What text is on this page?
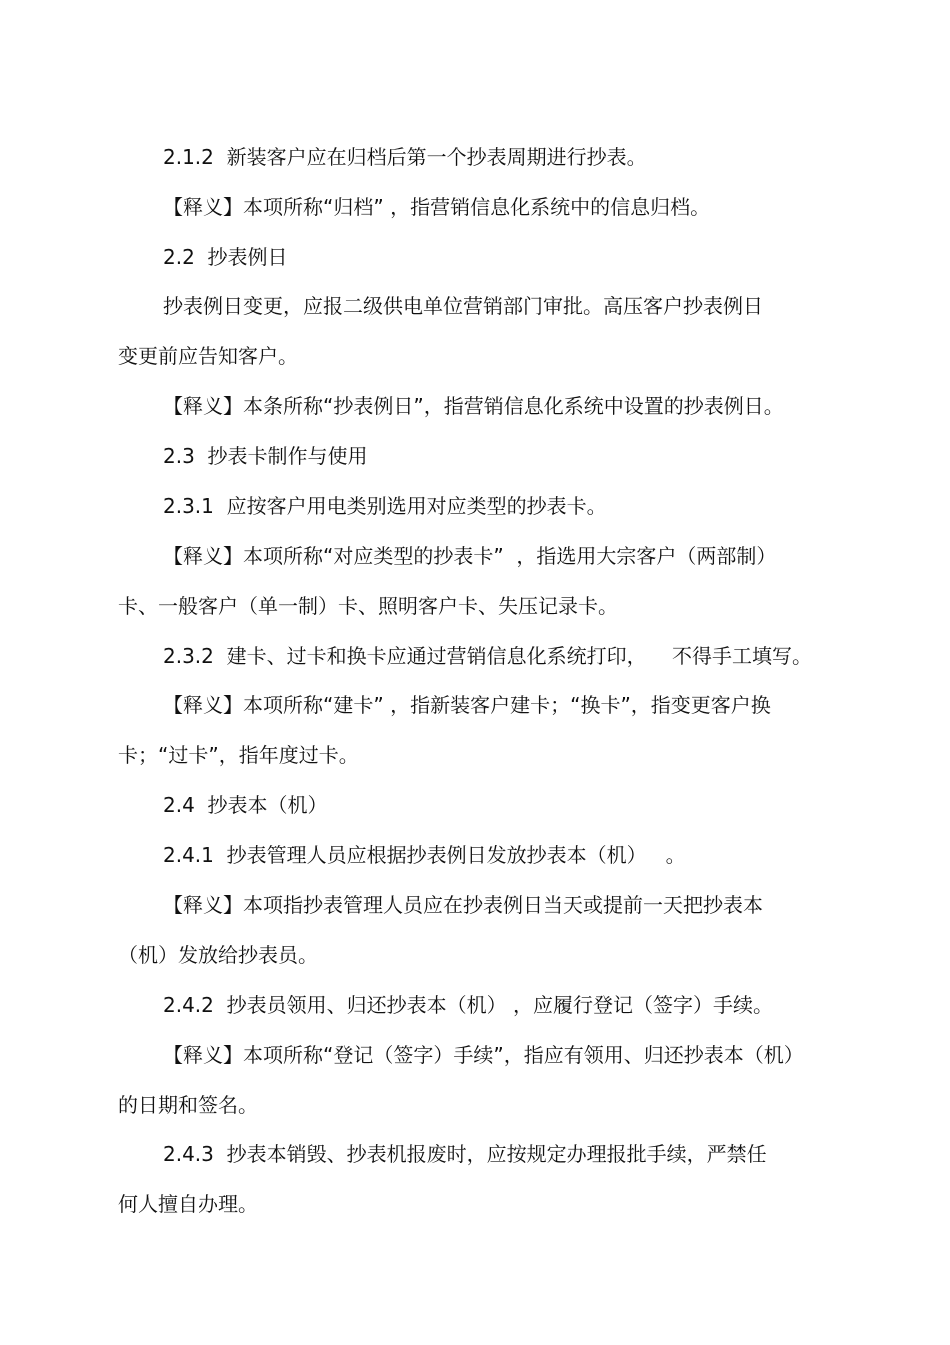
2.1.2  新装客户应在归档后第一个抄表周期进行抄表。
【释义】本项所称“归档” ，指营销信息化系统中的信息归档。
2.2  抄表例日
抄表例日变更，应报二级供电单位营销部门审批。高压客户抄表例日
变更前应告知客户。
【释义】本条所称“抄表例日”，指营销信息化系统中设置的抄表例日。
2.3  抄表卡制作与使用
2.3.1  应按客户用电类别选用对应类型的抄表卡。
【释义】本项所称“对应类型的抄表卡”  ，指选用大宗客户（两部制）
卡、一般客户（单一制）卡、照明客户卡、失压记录卡。
2.3.2  建卡、过卡和换卡应通过营销信息化系统打印，    不得手工填写。
【释义】本项所称“建卡” ，指新装客户建卡；“换卡”，指变更客户换
卡；“过卡”，指年度过卡。
2.4  抄表本（机）
2.4.1  抄表管理人员应根据抄表例日发放抄表本（机）   。
【释义】本项指抄表管理人员应在抄表例日当天或提前一天把抄表本
（机）发放给抄表员。
2.4.2  抄表员领用、归还抄表本（机） ，应履行登记（签字）手续。
【释义】本项所称“登记（签字）手续”，指应有领用、归还抄表本（机）
的日期和签名。
2.4.3  抄表本销毁、抄表机报废时，应按规定办理报批手续，严禁任
何人擅自办理。
